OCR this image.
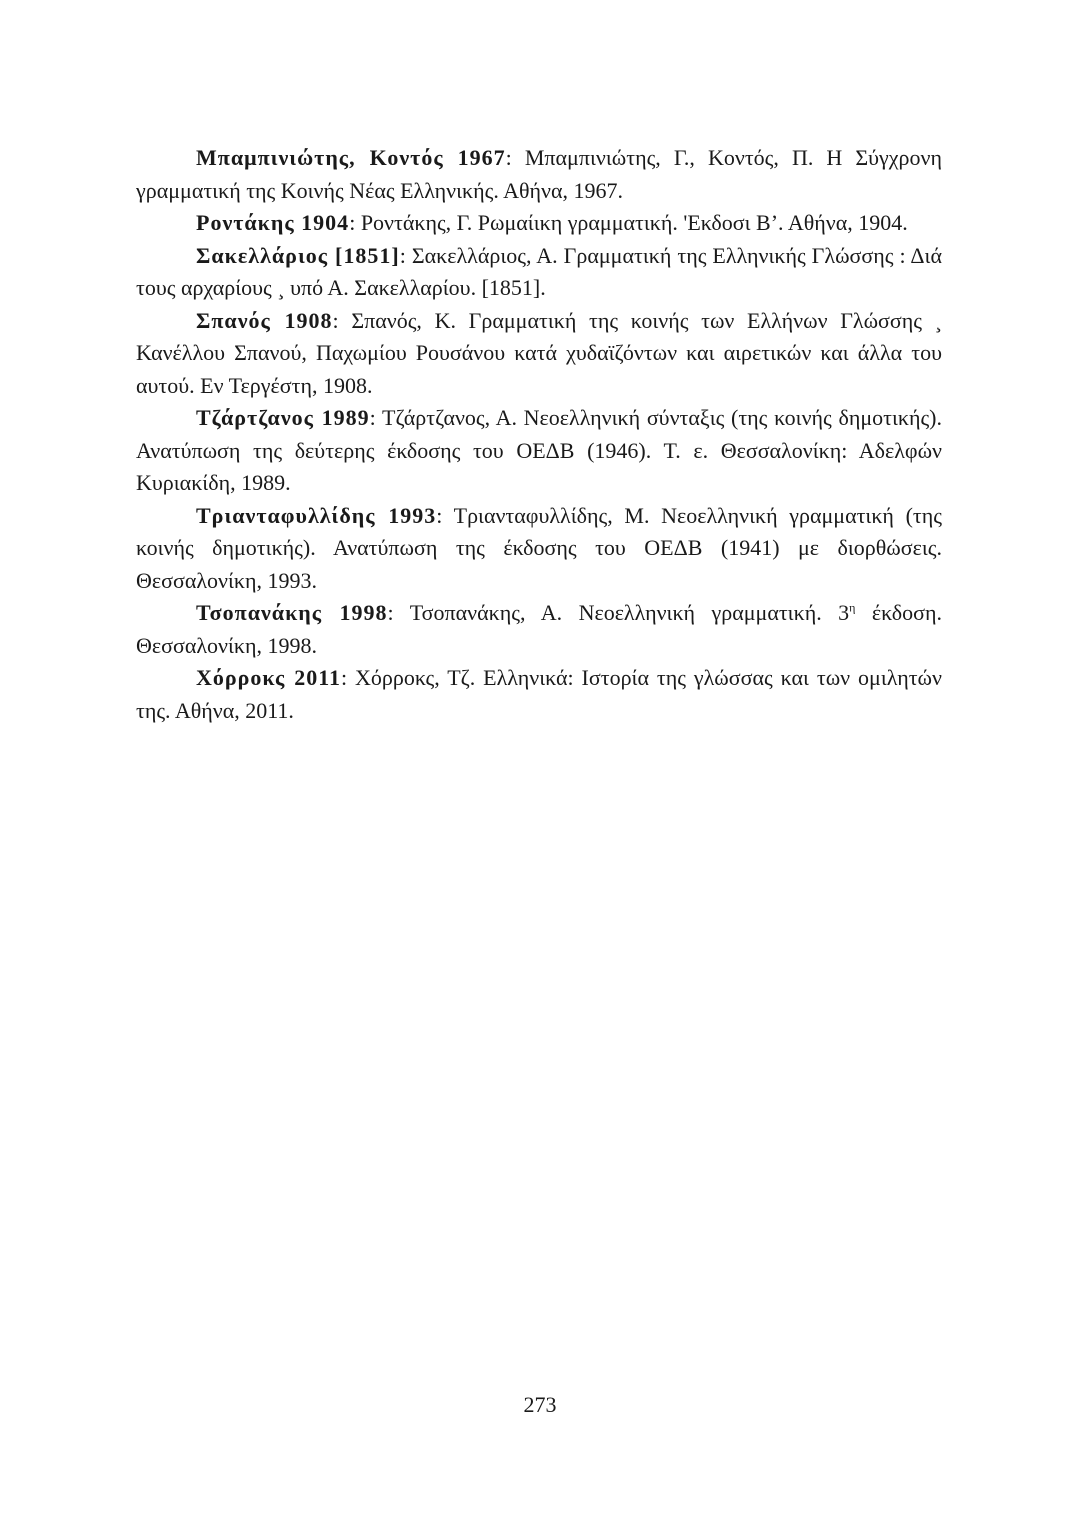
Μπαμπινιώτης, Κοντός 1967: Μπαμπινιώτης, Γ., Κοντός, Π. Η Σύγχρονη γραμματική της Κοινής Νέας Ελληνικής. Αθήνα, 1967.

Ροντάκης 1904: Ροντάκης, Γ. Ρωμαίικη γραμματική. 'Εκδοσι Β’. Αθήνα, 1904.

Σακελλάριος [1851]: Σακελλάριος, Α. Γραμματική της Ελληνικής Γλώσσης : Διά τους αρχαρίους ¸ υπό Α. Σακελλαρίου. [1851].

Σπανός 1908: Σπανός, Κ. Γραμματική της κοινής των Ελλήνων Γλώσσης ¸ Κανέλλου Σπανού, Παχωμίου Ρουσάνου κατά χυδαϊζόντων και αιρετικών και άλλα του αυτού. Εν Τεργέστη, 1908.

Τζάρτζανος 1989: Τζάρτζανος, Α. Νεοελληνική σύνταξις (της κοινής δημοτικής). Ανατύπωση της δεύτερης έκδοσης του ΟΕΔΒ (1946). Τ. ε. Θεσσαλονίκη: Αδελφών Κυριακίδη, 1989.

Τριανταφυλλίδης 1993: Τριανταφυλλίδης, Μ. Νεοελληνική γραμματική (της κοινής δημοτικής). Ανατύπωση της έκδοσης του ΟΕΔΒ (1941) με διορθώσεις. Θεσσαλονίκη, 1993.

Τσοπανάκης 1998: Τσοπανάκης, Α. Νεοελληνική γραμματική. $3^\eta$ έκδοση. Θεσσαλονίκη, 1998.

Χόρροκς 2011: Χόρροκς, Τζ. Ελληνικά: Ιστορία της γλώσσας και των ομιλητών της. Αθήνα, 2011.

273
